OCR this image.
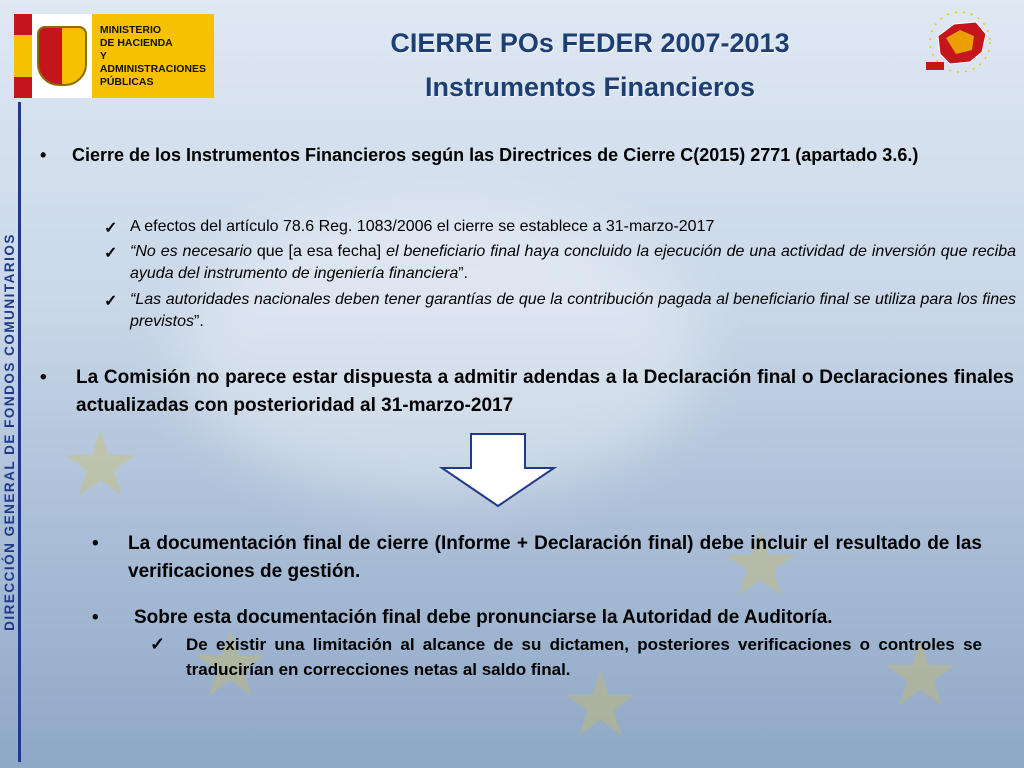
★
★
★
★
★
MINISTERIO
DE HACIENDA
Y ADMINISTRACIONES
PÚBLICAS
DIRECCIÓN GENERAL DE FONDOS COMUNITARIOS
CIERRE POs FEDER 2007-2013
Instrumentos Financieros
•	Cierre de los Instrumentos Financieros según las Directrices de Cierre C(2015) 2771 (apartado 3.6.)
✓ A efectos del artículo 78.6 Reg. 1083/2006 el cierre se establece a 31-marzo-2017
✓ “No es necesario que [a esa fecha] el beneficiario final haya concluido la ejecución de una actividad de inversión que reciba ayuda del instrumento de ingeniería financiera”.
✓ “Las autoridades nacionales deben tener garantías de que la contribución pagada al beneficiario final se utiliza para los fines previstos”.
•	La Comisión no parece estar dispuesta a admitir adendas a la Declaración final o Declaraciones finales actualizadas con posterioridad al 31-marzo-2017
•	La documentación final de cierre (Informe + Declaración final) debe incluir el resultado de las verificaciones de gestión.
•	Sobre esta documentación final debe pronunciarse la Autoridad de Auditoría.
✓ De existir una limitación al alcance de su dictamen, posteriores verificaciones o controles se traducirían en correcciones netas al saldo final.
